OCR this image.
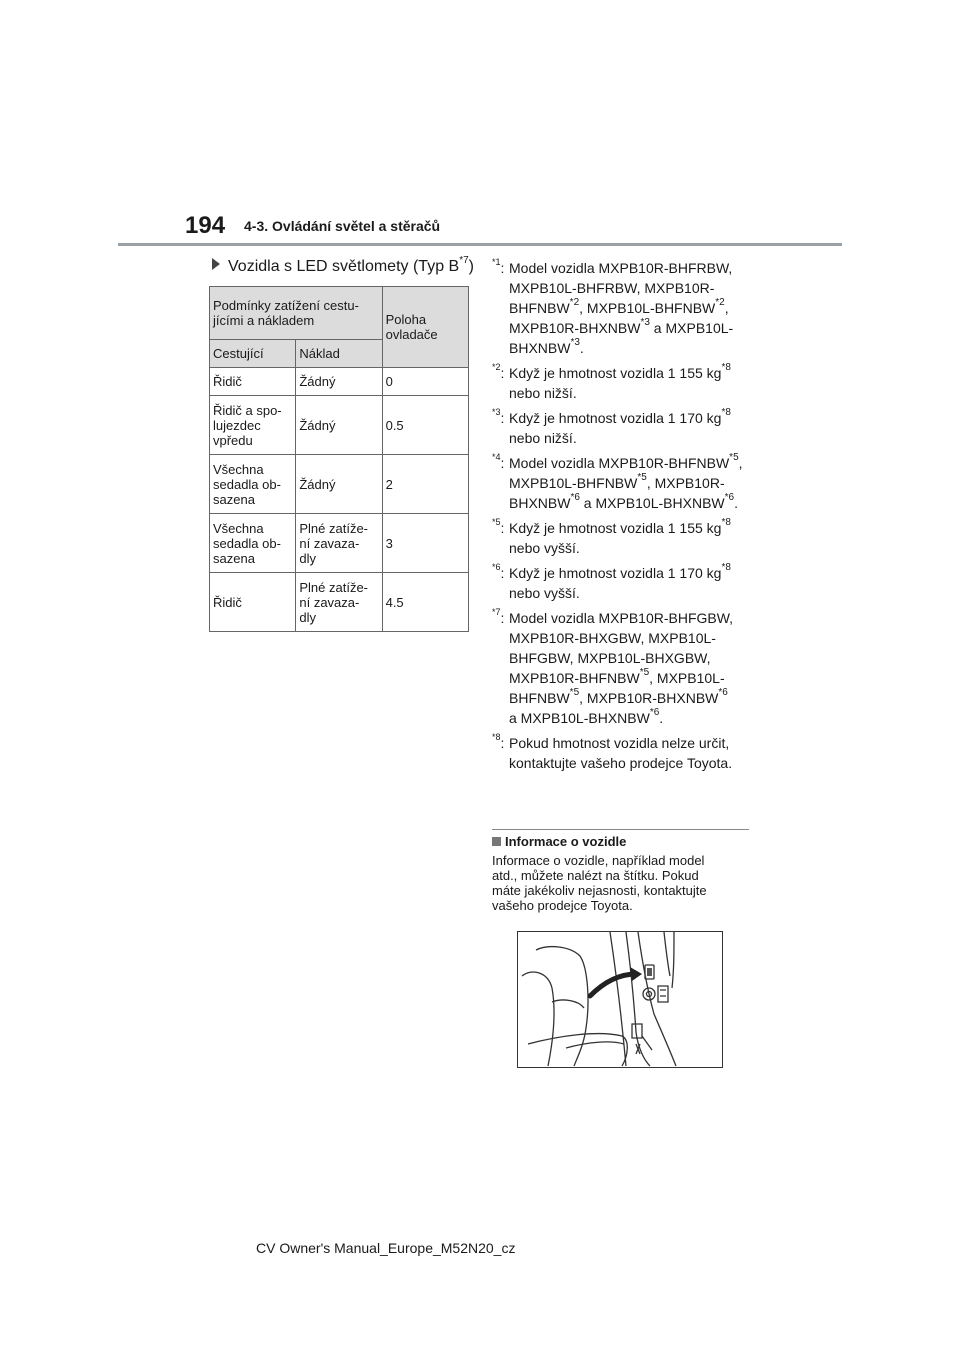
194 4-3. Ovládání světel a stěračů
Vozidla s LED světlomety (Typ $B^{*7}$)
Podmínky zatížení cestu-
jícími a nákladem		Poloha
ovladače
Cestující	Náklad	
Řidič	Žádný	0
Řidič a spo-
lujezdec
vpředu	Žádný	0.5
Všechna
sedadla ob-
sazena	Žádný	2
Všechna
sedadla ob-
sazena	Plné zatíže-
ní zavaza-
dly	3
Řidič	Plné zatíže-
ní zavaza-
dly	4.5
$^{*1}$: Model vozidla MXPB10R-BHFRBW,
MXPB10L-BHFRBW, MXPB10R-
BHFNBW$^{*2}$, MXPB10L-BHFNBW$^{*2}$,
MXPB10R-BHXNBW$^{*3}$ a MXPB10L-
BHXNBW$^{*3}$.
$^{*2}$: Když je hmotnost vozidla 1 155 $kg^{*8}$
nebo nižší.
$^{*3}$: Když je hmotnost vozidla 1 170 $kg^{*8}$
nebo nižší.
$^{*4}$: Model vozidla MXPB10R-BHFNBW$^{*5}$,
MXPB10L-BHFNBW$^{*5}$, MXPB10R-
BHXNBW$^{*6}$ a MXPB10L-BHXNBW$^{*6}$.
$^{*5}$: Když je hmotnost vozidla 1 155 $kg^{*8}$
nebo vyšší.
$^{*6}$: Když je hmotnost vozidla 1 170 $kg^{*8}$
nebo vyšší.
$^{*7}$: Model vozidla MXPB10R-BHFGBW,
MXPB10R-BHXGBW, MXPB10L-
BHFGBW, MXPB10L-BHXGBW,
MXPB10R-BHFNBW$^{*5}$, MXPB10L-
BHFNBW$^{*5}$, MXPB10R-BHXNBW$^{*6}$
a MXPB10L-BHXNBW$^{*6}$.
$^{*8}$: Pokud hmotnost vozidla nelze určit,
kontaktujte vašeho prodejce Toyota.
Informace o vozidle
Informace o vozidle, například model
atd., můžete nalézt na štítku. Pokud
máte jakékoliv nejasnosti, kontaktujte
vašeho prodejce Toyota.
CV Owner's Manual_Europe_M52N20_cz
